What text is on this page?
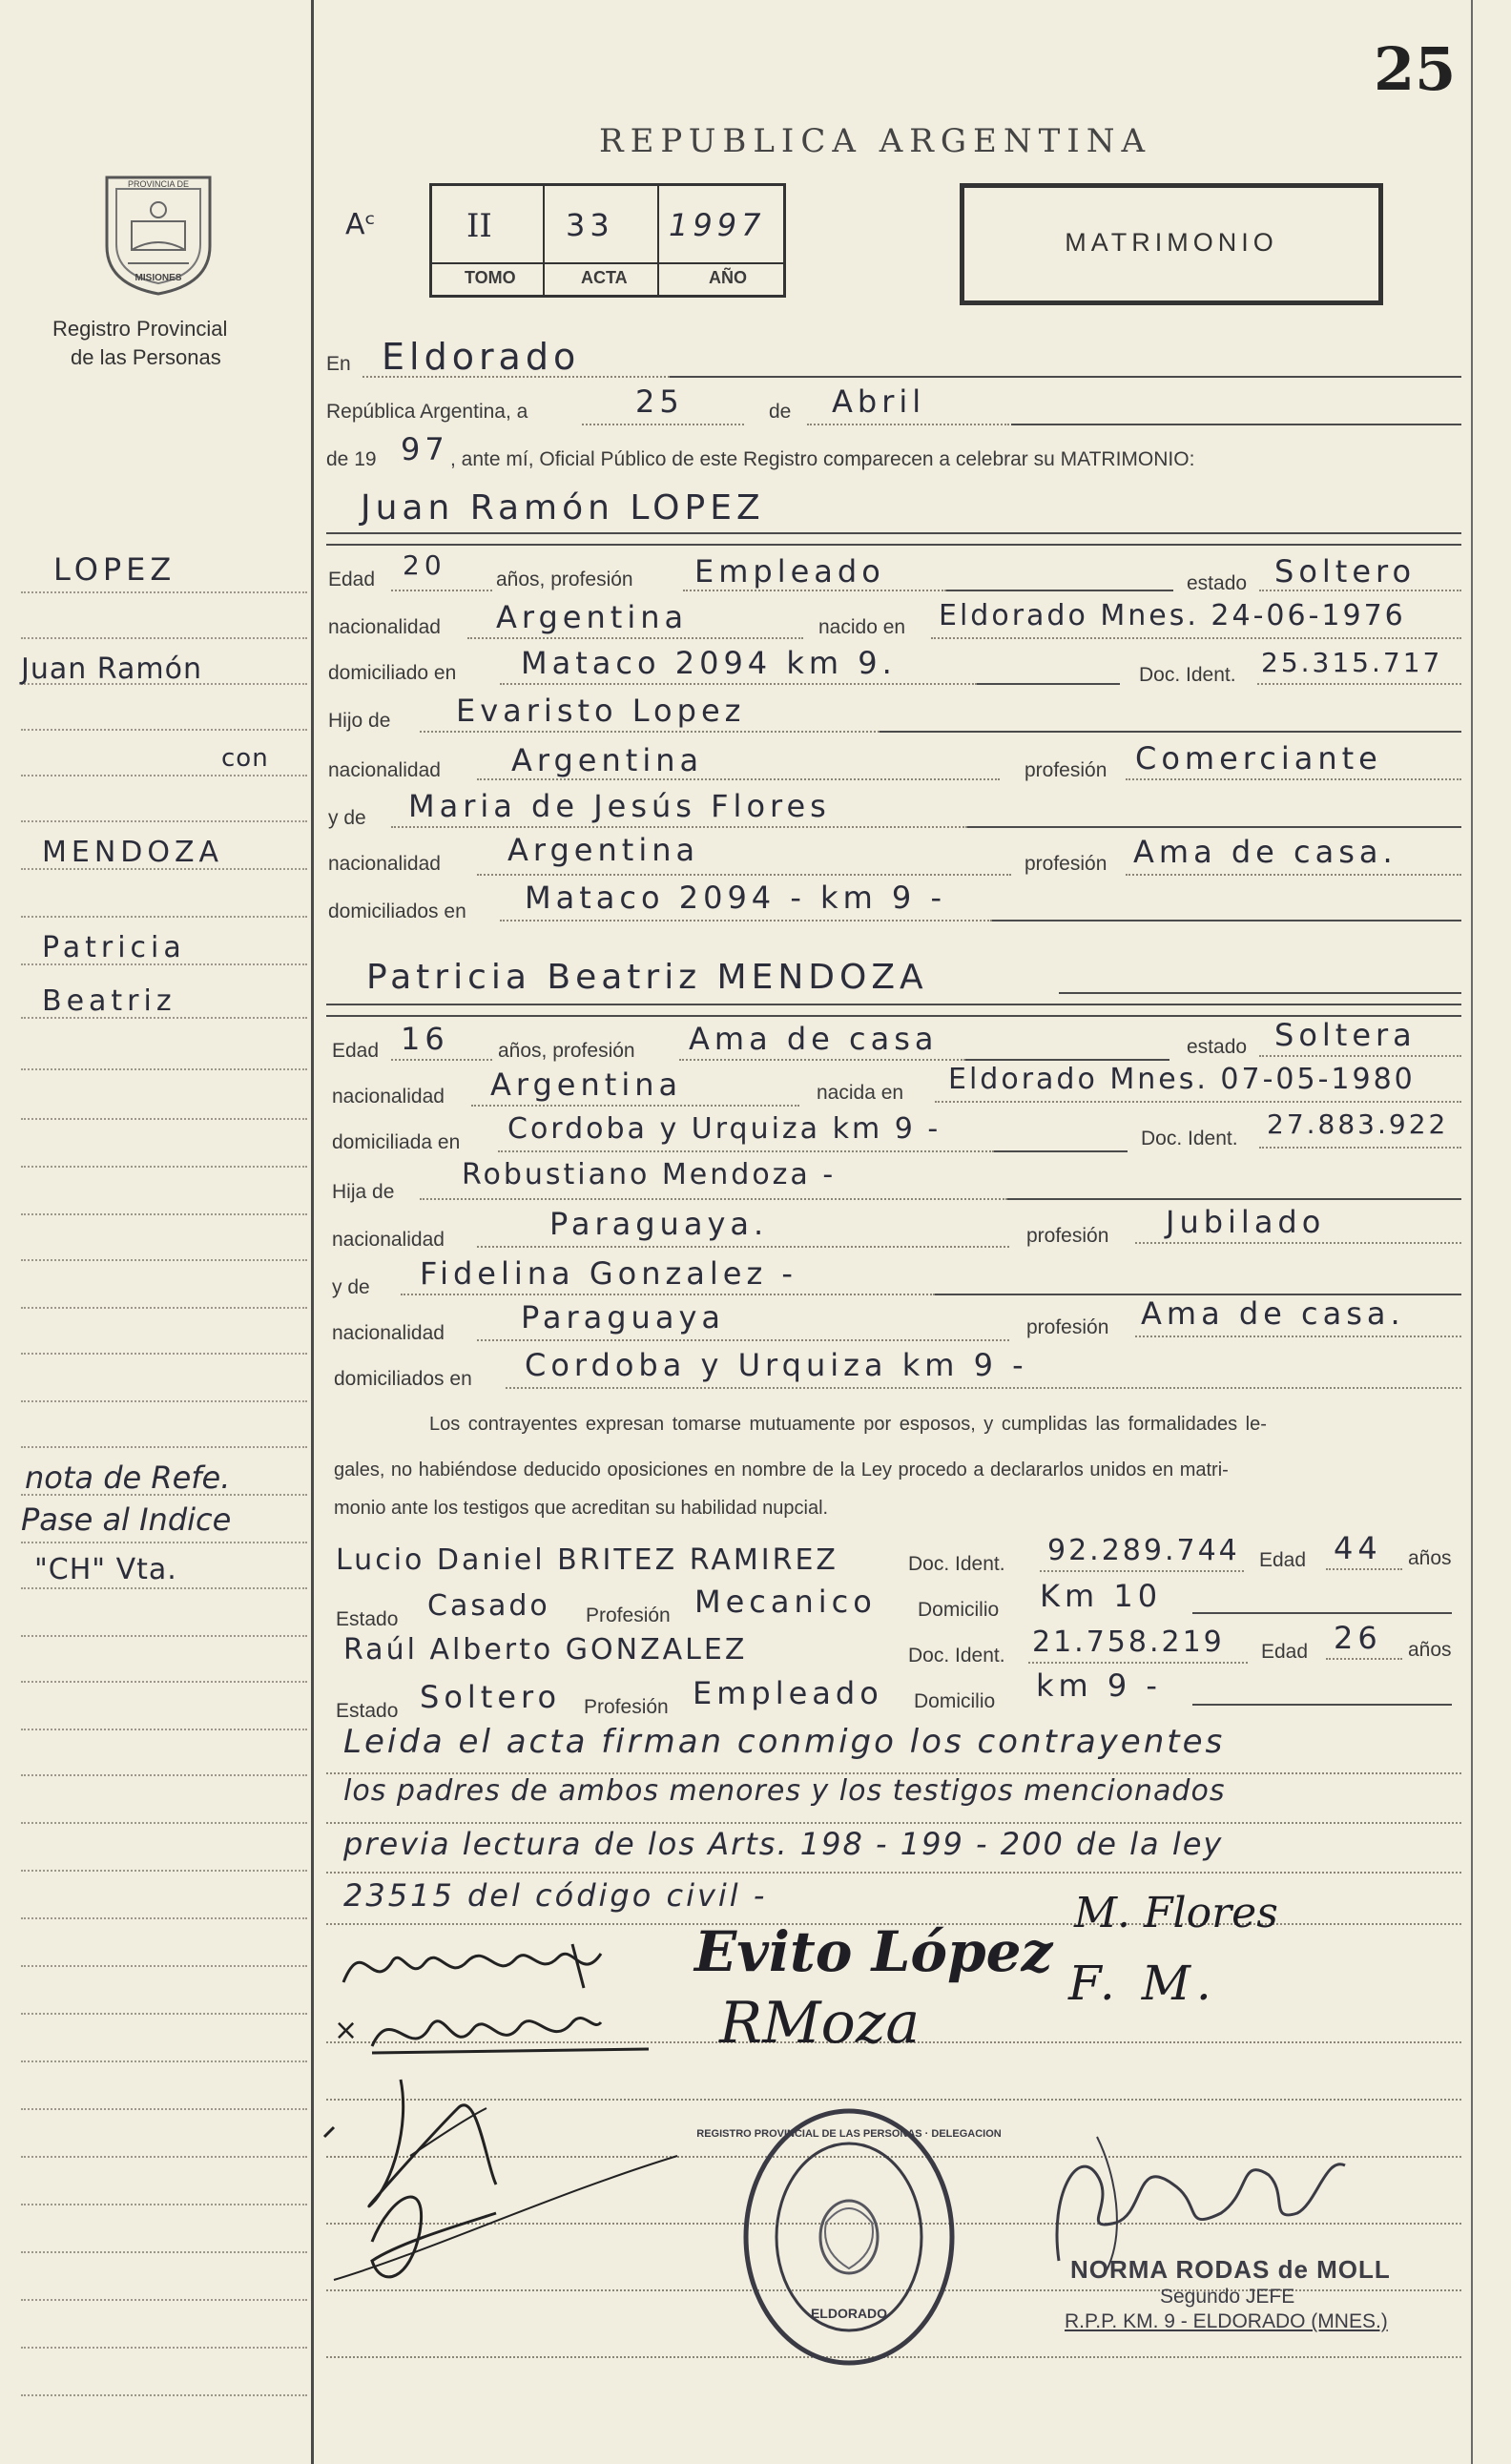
25
REPUBLICA ARGENTINA
PROVINCIA DE
MISIONES
Registro Provincial
de las Personas
Aᶜ	II 33 1997
TOMO	ACTA	AÑO
MATRIMONIO
En Eldorado
República Argentina, a	25	de Abril
de 19 97 , ante mí, Oficial Público de este Registro comparecen a celebrar su MATRIMONIO:
Juan Ramón LOPEZ
Edad 20 años, profesión Empleado	estado Soltero
nacionalidad Argentina	nacido en Eldorado Mnes. 24-06-1976
domiciliado en Mataco 2094 km 9.	Doc. Ident. 25.315.717
Hijo de Evaristo Lopez
nacionalidad Argentina	profesión Comerciante
y de Maria de Jesús Flores
nacionalidad Argentina	profesión Ama de casa.
domiciliados en Mataco 2094 - km 9 -
Patricia Beatriz MENDOZA
Edad 16 años, profesión Ama de casa	estado Soltera
nacionalidad Argentina	nacida en Eldorado Mnes. 07-05-1980
domiciliada en Cordoba y Urquiza km 9 -	Doc. Ident. 27.883.922
Hija de
Robustiano Mendoza -
nacionalidad	Paraguaya.	profesión Jubilado
y de Fidelina Gonzalez -
nacionalidad	Paraguaya	profesión Ama de casa.
domiciliados en Cordoba y Urquiza km 9 -
Los contrayentes expresan tomarse mutuamente por esposos, y cumplidas las formalidades le-
gales, no habiéndose deducido oposiciones en nombre de la Ley procedo a declararlos unidos en matri-
monio ante los testigos que acreditan su habilidad nupcial.
Lucio Daniel BRITEZ RAMIREZ	Doc. Ident. 92.289.744 Edad 44 años
Estado Casado Profesión Mecanico Domicilio Km 10
Raúl Alberto GONZALEZ	Doc. Ident. 21.758.219 Edad 26 años
Estado Soltero Profesión Empleado Domicilio km 9 -
Leida el acta firman conmigo los contrayentes
los padres de ambos menores y los testigos mencionados
previa lectura de los Arts. 198 - 199 - 200 de la ley
23515 del código civil -
Evito López
M. Flores
F. M.
×	RMoza
REGISTRO PROVINCIAL DE LAS PERSONAS · DELEGACION
ELDORADO
NORMA RODAS de MOLL
Segundo JEFE
R.P.P. KM. 9 - ELDORADO (MNES.)
LOPEZ
Juan Ramón
con
MENDOZA
Patricia
Beatriz
nota de Refe.
Pase al Indice
"CH" Vta.
